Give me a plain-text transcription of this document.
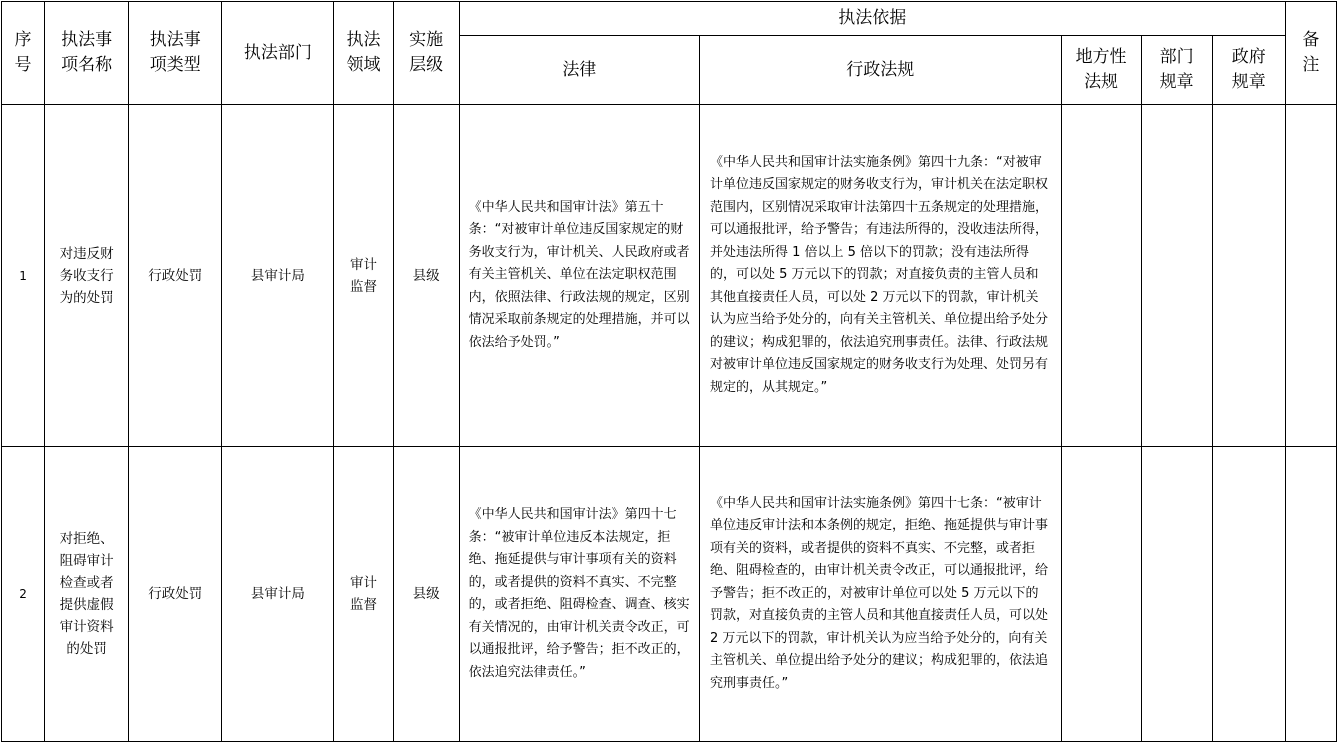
序号	执法事项名称	执法事项类型	执法部门	执法领域	实施层级	执法依据					备注

						法律	行政法规	地方性法规	部门规章	政府规章	

1	对违反财务收支行为的处罚	行政处罚	县审计局	审计监督	县级	《中华人民共和国审计法》第五十条：“对被审计单位违反国家规定的财务收支行为，审计机关、人民政府或者有关主管机关、单位在法定职权范围内，依照法律、行政法规的规定，区别情况采取前条规定的处理措施，并可以依法给予处罚。”	《中华人民共和国审计法实施条例》第四十九条：“对被审计单位违反国家规定的财务收支行为，审计机关在法定职权范围内，区别情况采取审计法第四十五条规定的处理措施，可以通报批评，给予警告；有违法所得的，没收违法所得，并处违法所得 1 倍以上 5 倍以下的罚款；没有违法所得的，可以处 5 万元以下的罚款；对直接负责的主管人员和其他直接责任人员，可以处 2 万元以下的罚款，审计机关认为应当给予处分的，向有关主管机关、单位提出给予处分的建议；构成犯罪的，依法追究刑事责任。法律、行政法规对被审计单位违反国家规定的财务收支行为处理、处罚另有规定的，从其规定。”				
2	对拒绝、阻碍审计检查或者提供虚假审计资料的处罚	行政处罚	县审计局	审计监督	县级	《中华人民共和国审计法》第四十七条：“被审计单位违反本法规定，拒绝、拖延提供与审计事项有关的资料的，或者提供的资料不真实、不完整的，或者拒绝、阻碍检查、调查、核实有关情况的，由审计机关责令改正，可以通报批评，给予警告；拒不改正的，依法追究法律责任。”	《中华人民共和国审计法实施条例》第四十七条：“被审计单位违反审计法和本条例的规定，拒绝、拖延提供与审计事项有关的资料，或者提供的资料不真实、不完整，或者拒绝、阻碍检查的，由审计机关责令改正，可以通报批评，给予警告；拒不改正的，对被审计单位可以处 5 万元以下的罚款，对直接负责的主管人员和其他直接责任人员，可以处 2 万元以下的罚款，审计机关认为应当给予处分的，向有关主管机关、单位提出给予处分的建议；构成犯罪的，依法追究刑事责任。”				
